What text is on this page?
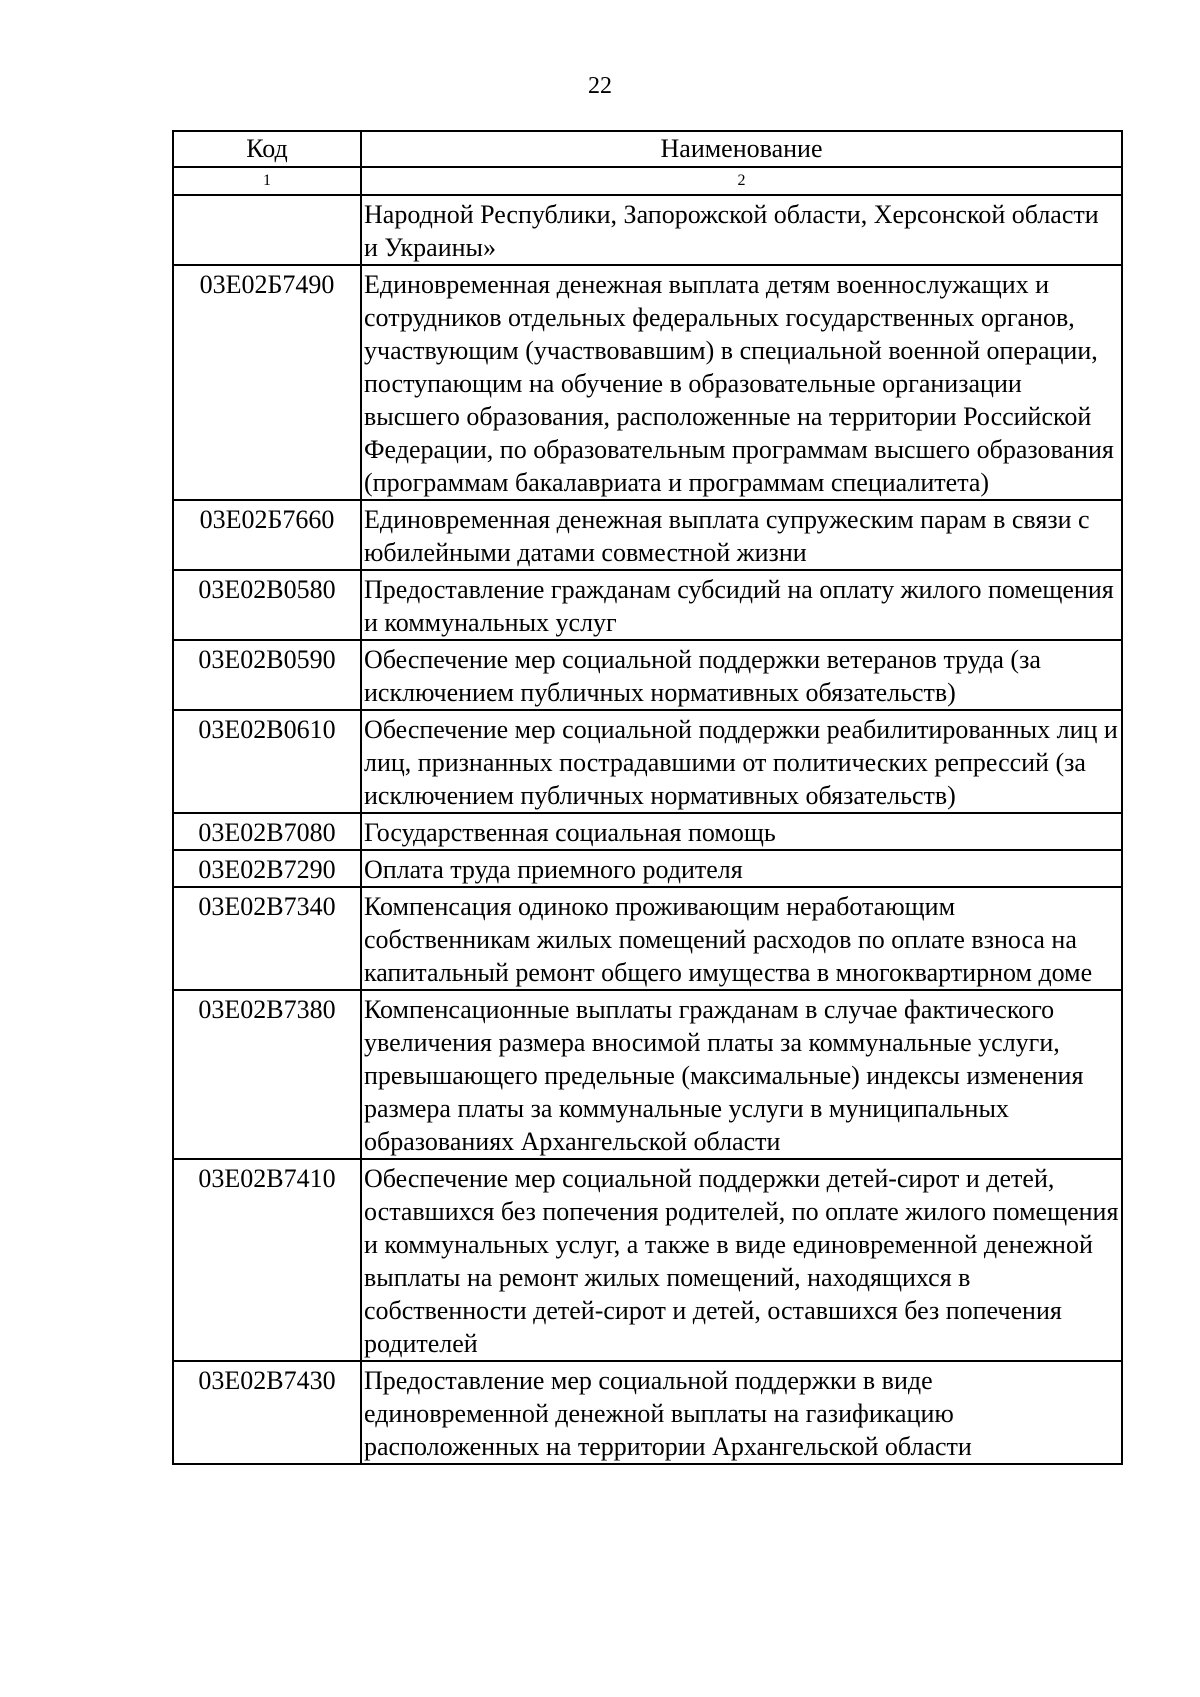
22
Код	Наименование
1	2
	Народной Республики, Запорожской области, Херсонской области и Украины»
03Е02Б7490	Единовременная денежная выплата детям военнослужащих и сотрудников отдельных федеральных государственных органов, участвующим (участвовавшим) в специальной военной операции, поступающим на обучение в образовательные организации высшего образования, расположенные на территории Российской Федерации, по образовательным программам высшего образования (программам бакалавриата и программам специалитета)
03Е02Б7660	Единовременная денежная выплата супружеским парам в связи с юбилейными датами совместной жизни
03Е02В0580	Предоставление гражданам субсидий на оплату жилого помещения и коммунальных услуг
03Е02В0590	Обеспечение мер социальной поддержки ветеранов труда (за исключением публичных нормативных обязательств)
03Е02В0610	Обеспечение мер социальной поддержки реабилитированных лиц и лиц, признанных пострадавшими от политических репрессий (за исключением публичных нормативных обязательств)
03Е02В7080	Государственная социальная помощь
03Е02В7290	Оплата труда приемного родителя
03Е02В7340	Компенсация одиноко проживающим неработающим собственникам жилых помещений расходов по оплате взноса на капитальный ремонт общего имущества в многоквартирном доме
03Е02В7380	Компенсационные выплаты гражданам в случае фактического увеличения размера вносимой платы за коммунальные услуги, превышающего предельные (максимальные) индексы изменения размера платы за коммунальные услуги в муниципальных образованиях Архангельской области
03Е02В7410	Обеспечение мер социальной поддержки детей-сирот и детей, оставшихся без попечения родителей, по оплате жилого помещения и коммунальных услуг, а также в виде единовременной денежной выплаты на ремонт жилых помещений, находящихся в собственности детей-сирот и детей, оставшихся без попечения родителей
03Е02В7430	Предоставление мер социальной поддержки в виде единовременной денежной выплаты на газификацию расположенных на территории Архангельской области
